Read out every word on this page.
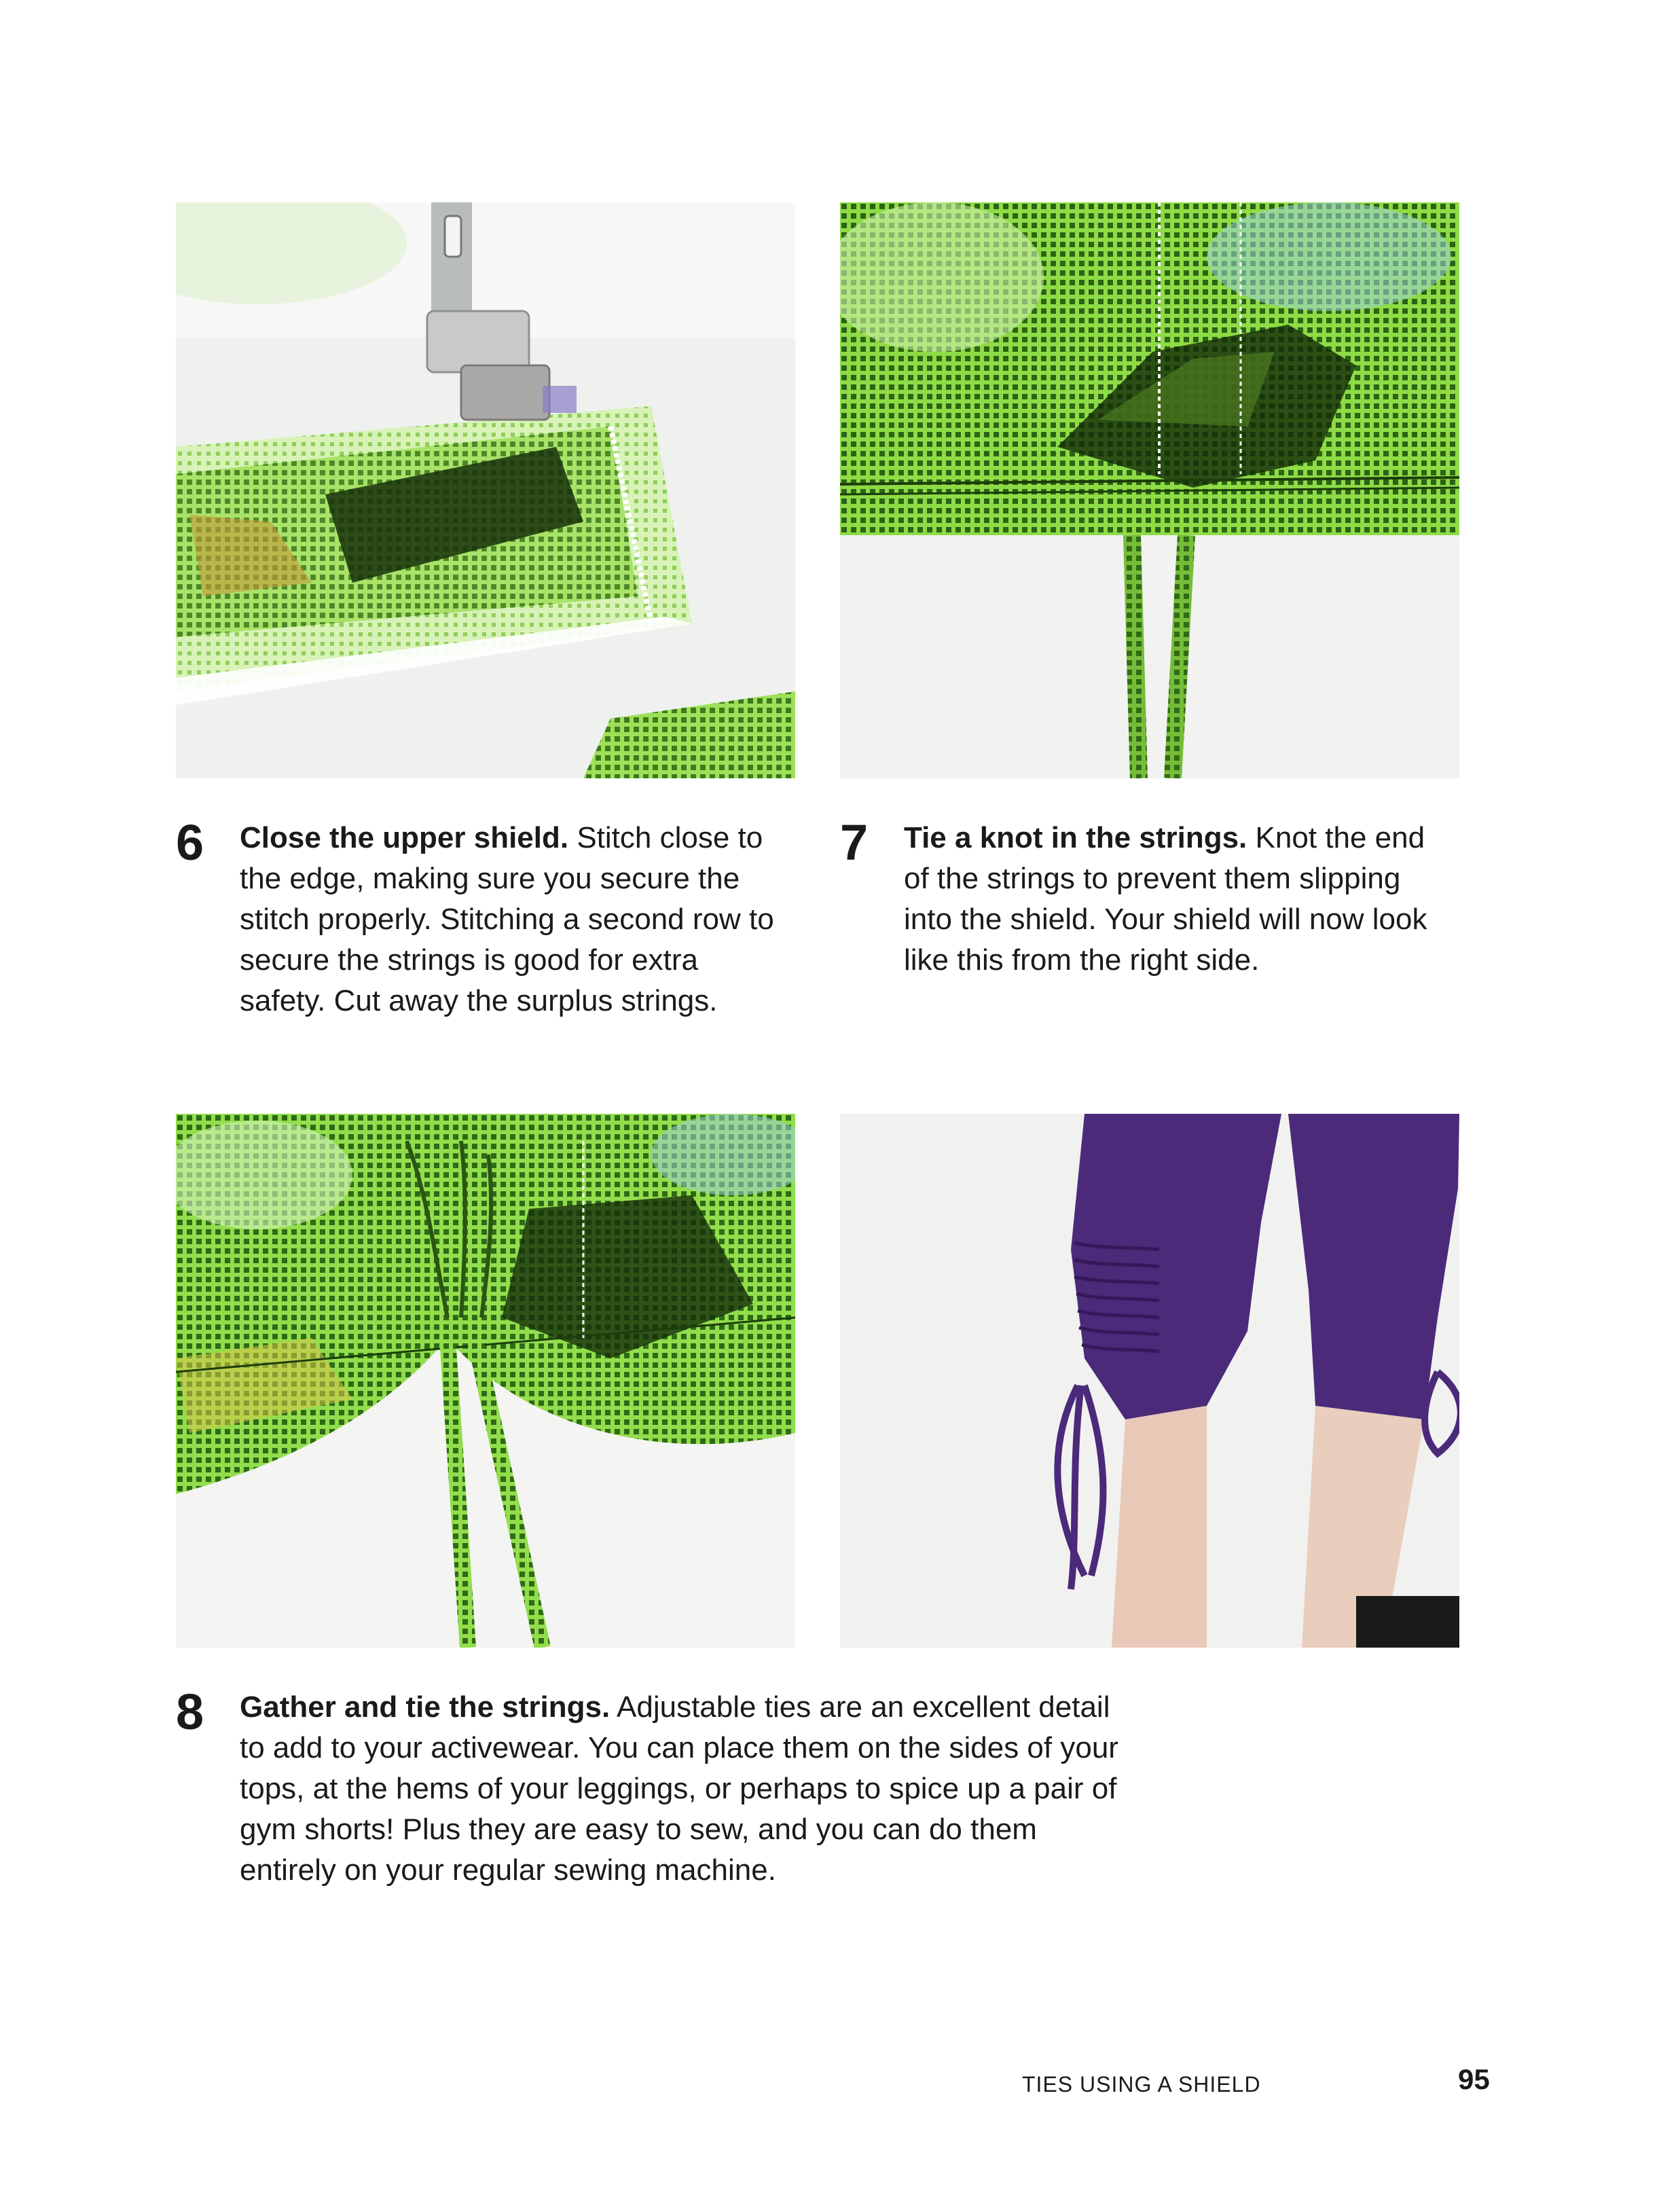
6 Close the upper shield. Stitch close to the edge, making sure you secure the stitch properly. Stitching a second row to secure the strings is good for extra safety. Cut away the surplus strings.
7 Tie a knot in the strings. Knot the end of the strings to prevent them slipping into the shield. Your shield will now look like this from the right side.
8 Gather and tie the strings. Adjustable ties are an excellent detail to add to your activewear. You can place them on the sides of your tops, at the hems of your leggings, or perhaps to spice up a pair of gym shorts! Plus they are easy to sew, and you can do them entirely on your regular sewing machine.
TIES USING A SHIELD	95
